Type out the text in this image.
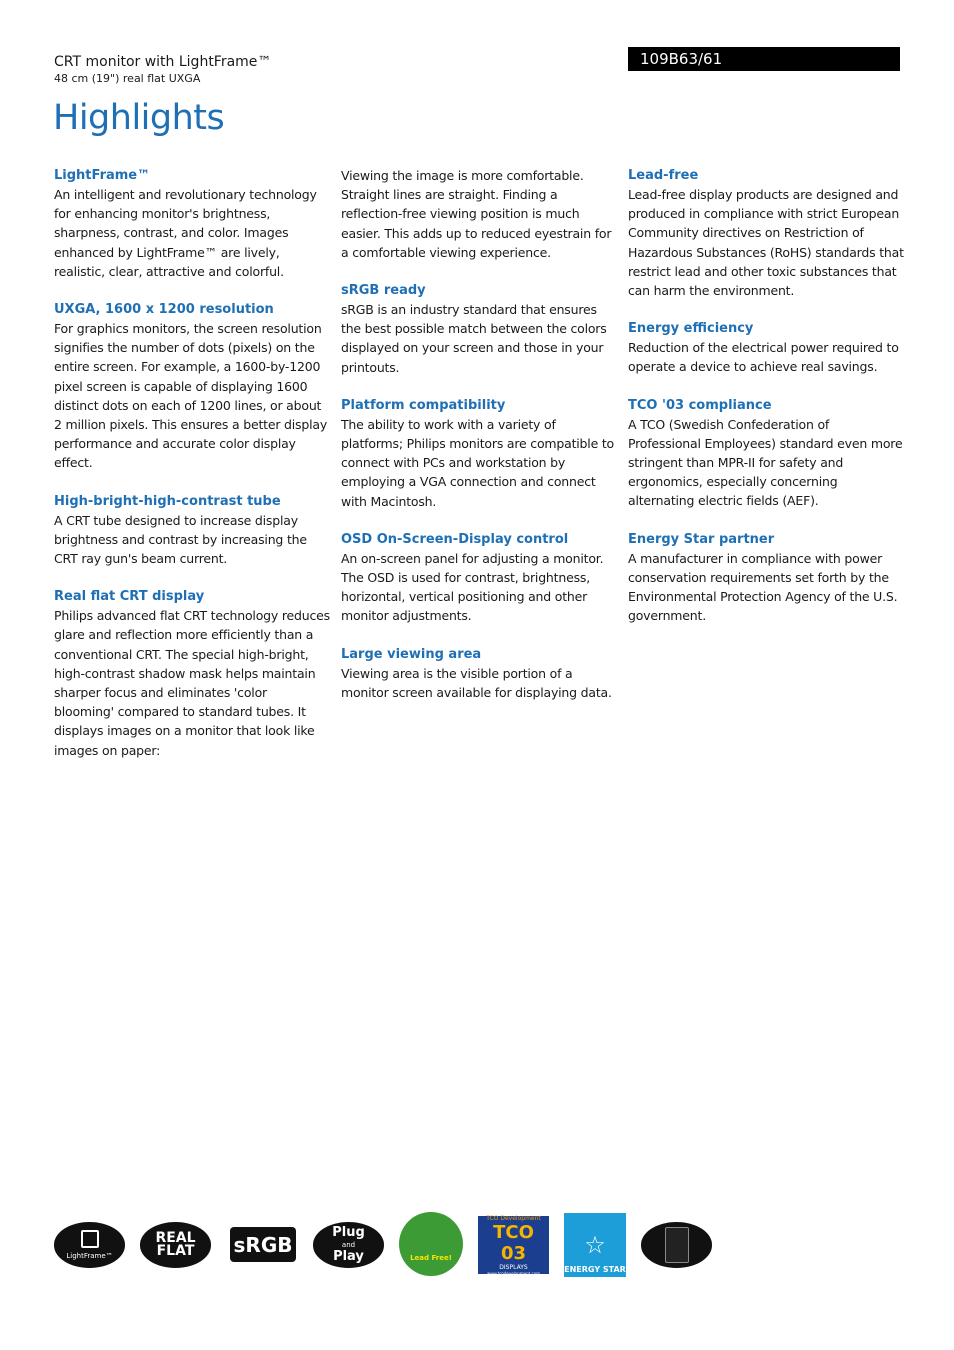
CRT monitor with LightFrame™
48 cm (19") real flat UXGA
109B63/61
Highlights

LightFrame™

An intelligent and revolutionary technology for enhancing monitor's brightness, sharpness, contrast, and color. Images enhanced by LightFrame™ are lively, realistic, clear, attractive and colorful.

UXGA, 1600 x 1200 resolution

For graphics monitors, the screen resolution signifies the number of dots (pixels) on the entire screen. For example, a 1600-by-1200 pixel screen is capable of displaying 1600 distinct dots on each of 1200 lines, or about 2 million pixels. This ensures a better display performance and accurate color display effect.

High-bright-high-contrast tube

A CRT tube designed to increase display brightness and contrast by increasing the CRT ray gun's beam current.

Real flat CRT display

Philips advanced flat CRT technology reduces glare and reflection more efficiently than a conventional CRT. The special high-bright, high-contrast shadow mask helps maintain sharper focus and eliminates 'color blooming' compared to standard tubes. It displays images on a monitor that look like images on paper:

Viewing the image is more comfortable. Straight lines are straight. Finding a reflection-free viewing position is much easier. This adds up to reduced eyestrain for a comfortable viewing experience.

sRGB ready

sRGB is an industry standard that ensures the best possible match between the colors displayed on your screen and those in your printouts.

Platform compatibility

The ability to work with a variety of platforms; Philips monitors are compatible to connect with PCs and workstation by employing a VGA connection and connect with Macintosh.

OSD On-Screen-Display control

An on-screen panel for adjusting a monitor. The OSD is used for contrast, brightness, horizontal, vertical positioning and other monitor adjustments.

Large viewing area

Viewing area is the visible portion of a monitor screen available for displaying data.

Lead-free

Lead-free display products are designed and produced in compliance with strict European Community directives on Restriction of Hazardous Substances (RoHS) standards that restrict lead and other toxic substances that can harm the environment.

Energy efficiency

Reduction of the electrical power required to operate a device to achieve real savings.

TCO '03 compliance

A TCO (Swedish Confederation of Professional Employees) standard even more stringent than MPR-II for safety and ergonomics, especially concerning alternating electric fields (AEF).

Energy Star partner

A manufacturer in compliance with power conservation requirements set forth by the Environmental Protection Agency of the U.S. government.

LightFrame™
REAL
FLAT sRGB	Plug
and
Play	Lead Free!
TCO Development
TCO 03
DISPLAYS
www.tcodevelopment.com
☆
ENERGY STAR
